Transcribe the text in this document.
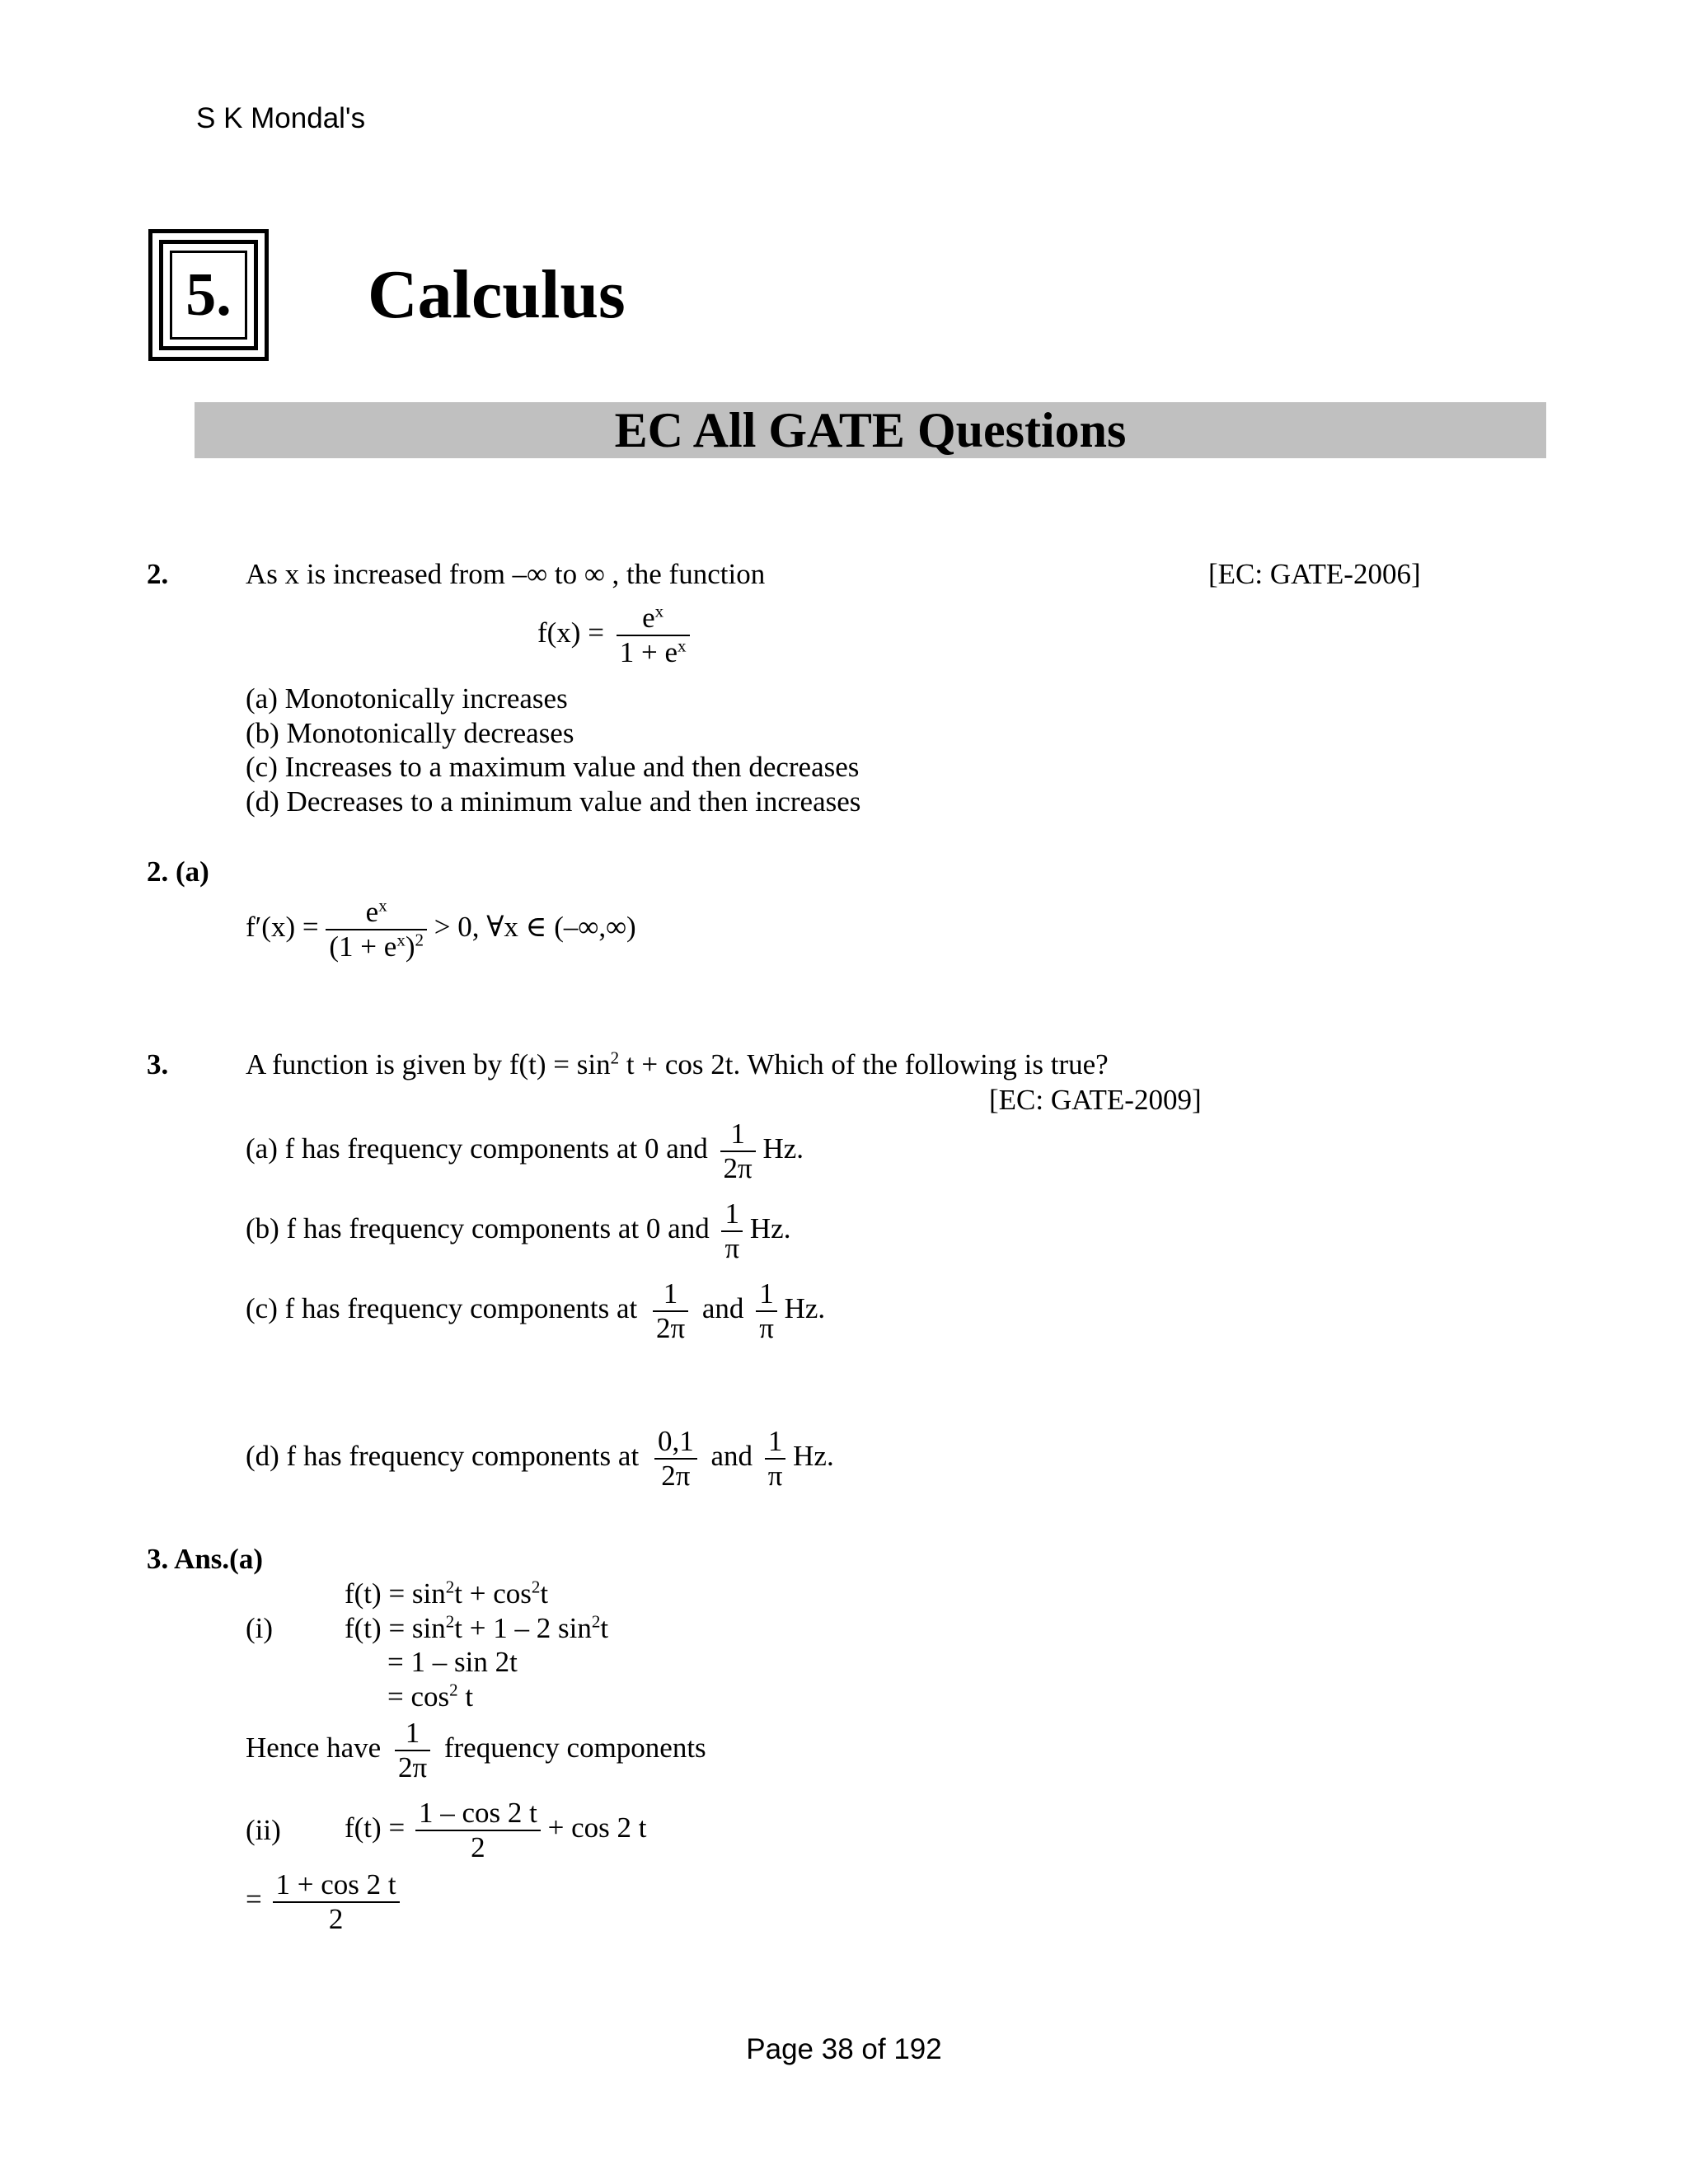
S K Mondal's
5. Calculus
EC All GATE Questions
2.	As x is increased from –∞ to ∞ , the function	[EC: GATE-2006]
$f(x) = \frac{e^x}{1 + e^x}$
(a) Monotonically increases
(b) Monotonically decreases
(c) Increases to a maximum value and then decreases
(d) Decreases to a minimum value and then increases
2. (a)
$f'(x) = \frac{e^x}{(1 + e^x)^2} > 0$, ∀x ∈ (–∞,∞)
3.	A function is given by $f(t) = \sin^2 t + \cos 2t$. Which of the following is true?
[EC: GATE-2009]
(a) f has frequency components at 0 and $\frac{1}{2\pi} Hz$.
(b) f has frequency components at 0 and $\frac{1}{\pi} Hz$.
(c) f has frequency components at $\frac{1}{2\pi}$ and $\frac{1}{\pi} Hz$.
(d) f has frequency components at $\frac{0,1}{2\pi}$ and $\frac{1}{\pi} Hz$.
3. Ans.(a)
$f(t) = \sin^2t + \cos^2t$
(i) $f(t) = \sin^2t + 1 - 2$ $\sin^2t$
= 1 – sin 2t
= $\cos^2 t$
Hence have $\frac{1}{2\pi}$ frequency components
(ii) $f(t) = \frac{1 - \cos 2 t}{2} + \cos 2$ t
= $\frac{1 + \cos 2 t}{2}$
Page 38 of 192
